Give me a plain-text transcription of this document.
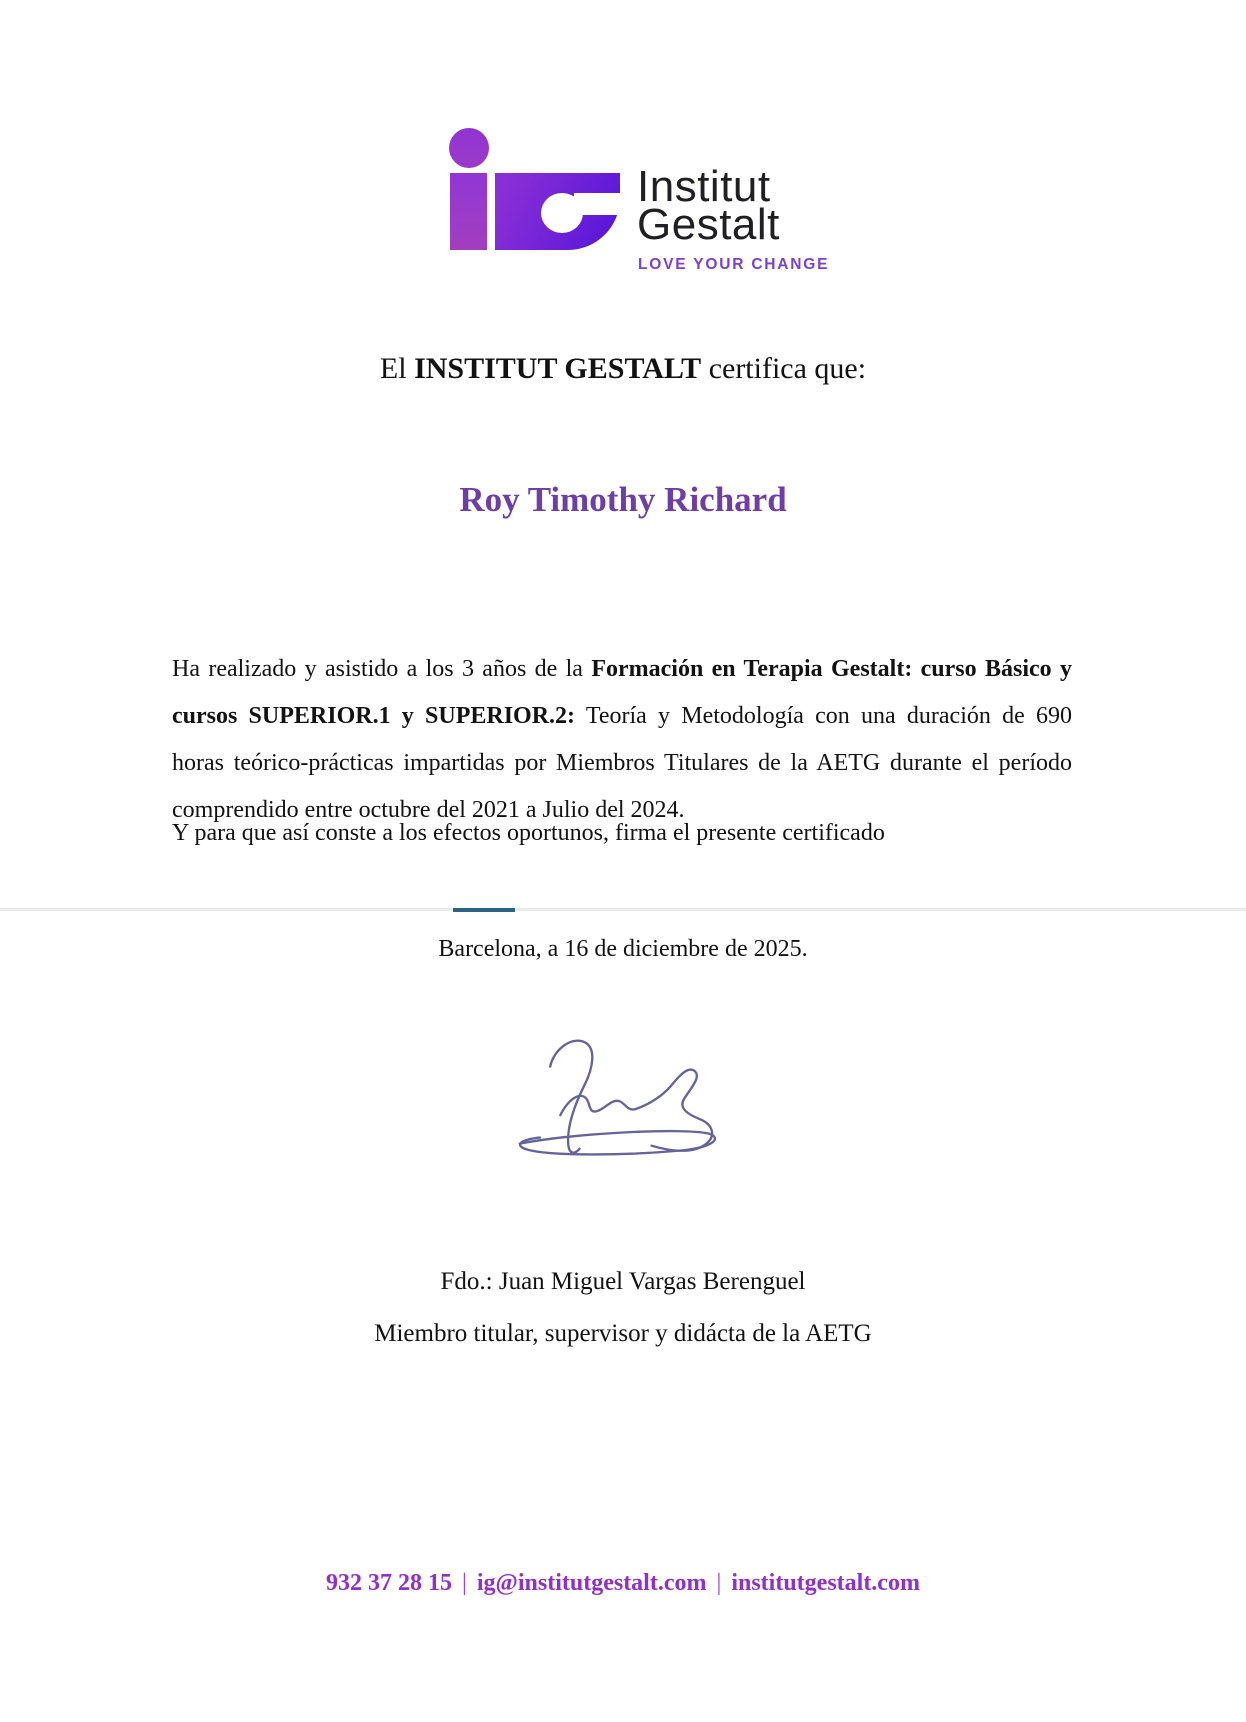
Institut
Gestalt
LOVE YOUR CHANGE
El INSTITUT GESTALT certifica que:
Roy Timothy Richard

Ha realizado y asistido a los 3 años de la Formación en Terapia Gestalt: curso Básico y cursos SUPERIOR.1 y SUPERIOR.2: Teoría y Metodología con una duración de 690 horas teórico-prácticas impartidas por Miembros Titulares de la AETG durante el período comprendido entre octubre del 2021 a Julio del 2024.

Y para que así conste a los efectos oportunos, firma el presente certificado
Barcelona, a 16 de diciembre de 2025.
Fdo.: Juan Miguel Vargas Berenguel
Miembro titular, supervisor y didácta de la AETG
932 37 28 15 | ig@institutgestalt.com | institutgestalt.com
